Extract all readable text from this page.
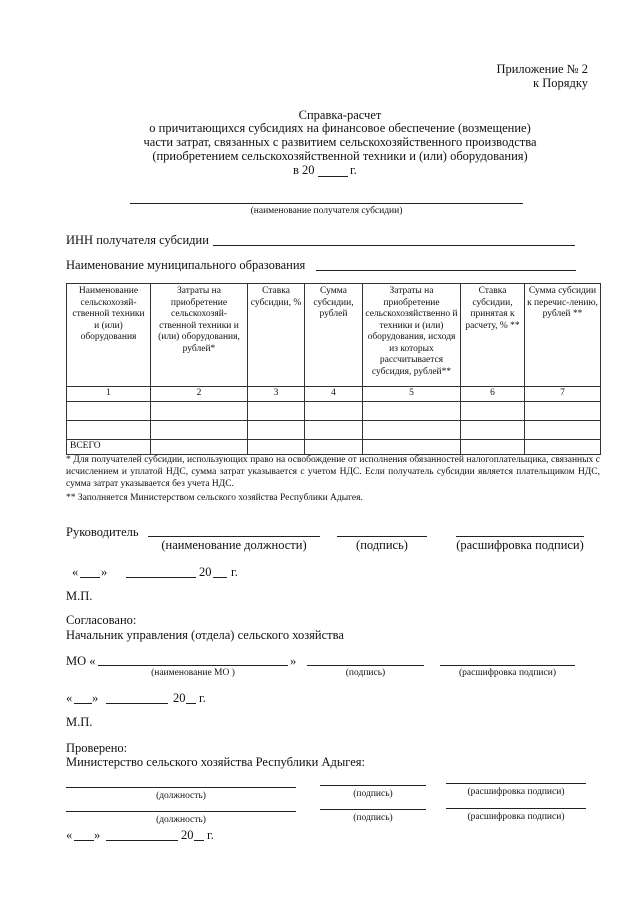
Приложение № 2
к Порядку
Справка-расчет
о причитающихся субсидиях на финансовое обеспечение (возмещение)
части затрат, связанных с развитием сельскохозяйственного производства
(приобретением сельскохозяйственной техники и (или) оборудования)
в 20	г.
(наименование получателя субсидии)
ИНН получателя субсидии
Наименование муниципального образования
Наименование сельскохозяй-ственной техники и (или) оборудования	Затраты на приобретение сельскохозяй-ственной техники и (или) оборудования, рублей*	Ставка субсидии, %	Сумма субсидии, рублей	Затраты на приобретение сельскохозяйственно й техники и (или) оборудования, исходя из которых рассчитывается субсидия, рублей**	Ставка субсидии, принятая к расчету, % **	Сумма субсидии к перечис-лению, рублей **
1	2	3	4	5	6	7

ВСЕГО						
* Для получателей субсидии, использующих право на освобождение от исполнения обязанностей налогоплательщика, связанных с исчислением и уплатой НДС, сумма затрат указывается с учетом НДС. Если получатель субсидии является плательщиком НДС, сумма затрат указывается без учета НДС.
** Заполняется Министерством сельского хозяйства Республики Адыгея.
Руководитель
(наименование должности)	(подпись)	(расшифровка подписи)
« »	20 г.
М.П.
Согласовано:
Начальник управления (отдела) сельского хозяйства
МО «	»
(наименование МО )	(подпись)	(расшифровка подписи)
« »	20 г.
М.П.
Проверено:
Министерство сельского хозяйства Республики Адыгея:
(должность)	(подпись)	(расшифровка подписи)
(должность)	(подпись)	(расшифровка подписи)
« »	20 г.
